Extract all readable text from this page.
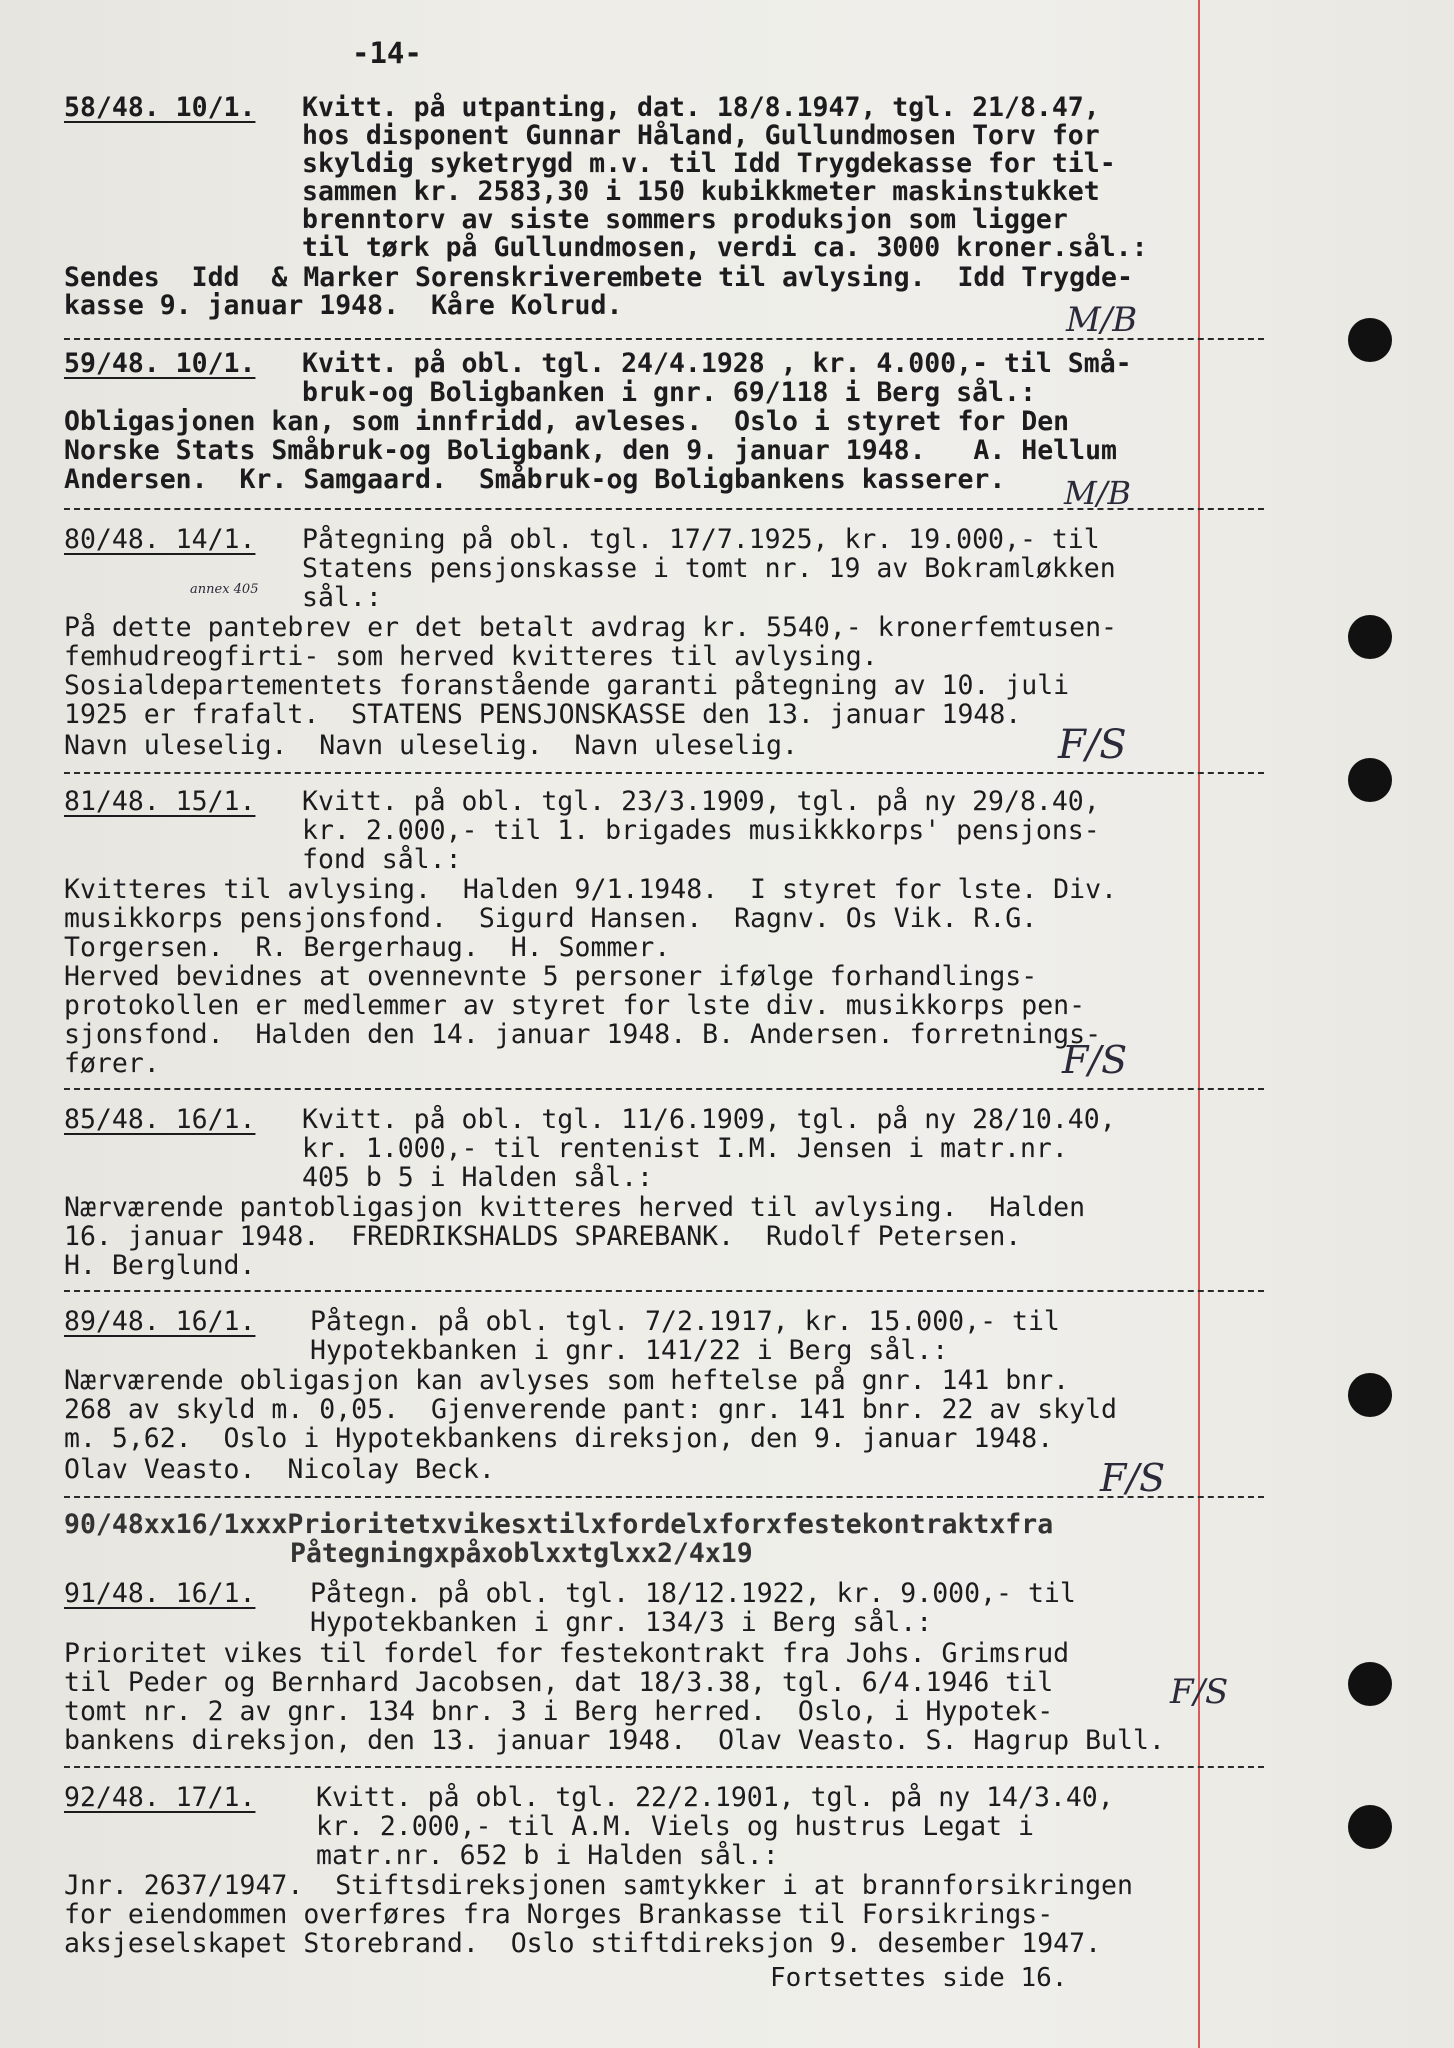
-14-
58/48. 10/1. Kvitt. på utpanting, dat. 18/8.1947, tgl. 21/8.47,
hos disponent Gunnar Håland, Gullundmosen Torv for
skyldig syketrygd m.v. til Idd Trygdekasse for til-
sammen kr. 2583,30 i 150 kubikkmeter maskinstukket
brenntorv av siste sommers produksjon som ligger
til tørk på Gullundmosen, verdi ca. 3000 kroner.sål.:
Sendes  Idd  & Marker Sorenskriverembete til avlysing.  Idd Trygde-
kasse 9. januar 1948.  Kåre Kolrud.	M/B
59/48. 10/1. Kvitt. på obl. tgl. 24/4.1928 , kr. 4.000,- til Små-
bruk-og Boligbanken i gnr. 69/118 i Berg sål.:
Obligasjonen kan, som innfridd, avleses.  Oslo i styret for Den
Norske Stats Småbruk-og Boligbank, den 9. januar 1948.   A. Hellum
Andersen.  Kr. Samgaard.  Småbruk-og Boligbankens kasserer. M/B
80/48. 14/1. Påtegning på obl. tgl. 17/7.1925, kr. 19.000,- til
Statens pensjonskasse i tomt nr. 19 av Bokramløkken
sål.:
annex 405
På dette pantebrev er det betalt avdrag kr. 5540,- kronerfemtusen-
femhudreogfirti- som herved kvitteres til avlysing.
Sosialdepartementets foranstående garanti påtegning av 10. juli
1925 er frafalt.  STATENS PENSJONSKASSE den 13. januar 1948.
Navn uleselig.  Navn uleselig.  Navn uleselig.	F/S
81/48. 15/1. Kvitt. på obl. tgl. 23/3.1909, tgl. på ny 29/8.40,
kr. 2.000,- til 1. brigades musikkkorps' pensjons-
fond sål.:
Kvitteres til avlysing.  Halden 9/1.1948.  I styret for lste. Div.
musikkorps pensjonsfond.  Sigurd Hansen.  Ragnv. Os Vik. R.G.
Torgersen.  R. Bergerhaug.  H. Sommer.
Herved bevidnes at ovennevnte 5 personer ifølge forhandlings-
protokollen er medlemmer av styret for lste div. musikkorps pen-
sjonsfond.  Halden den 14. januar 1948. B. Andersen. forretnings-
fører.	F/S
85/48. 16/1. Kvitt. på obl. tgl. 11/6.1909, tgl. på ny 28/10.40,
kr. 1.000,- til rentenist I.M. Jensen i matr.nr.
405 b 5 i Halden sål.:
Nærværende pantobligasjon kvitteres herved til avlysing.  Halden
16. januar 1948.  FREDRIKSHALDS SPAREBANK.  Rudolf Petersen.
H. Berglund.
89/48. 16/1. Påtegn. på obl. tgl. 7/2.1917, kr. 15.000,- til
Hypotekbanken i gnr. 141/22 i Berg sål.:
Nærværende obligasjon kan avlyses som heftelse på gnr. 141 bnr.
268 av skyld m. 0,05.  Gjenverende pant: gnr. 141 bnr. 22 av skyld
m. 5,62.  Oslo i Hypotekbankens direksjon, den 9. januar 1948.
Olav Veasto.  Nicolay Beck.	F/S
90/48xx16/1xxxPrioritetxvikesxtilxfordelxforxfestekontraktxfra
Påtegningxpåxoblxxtglxx2/4x19
91/48. 16/1. Påtegn. på obl. tgl. 18/12.1922, kr. 9.000,- til
Hypotekbanken i gnr. 134/3 i Berg sål.:
Prioritet vikes til fordel for festekontrakt fra Johs. Grimsrud
til Peder og Bernhard Jacobsen, dat 18/3.38, tgl. 6/4.1946 til
tomt nr. 2 av gnr. 134 bnr. 3 i Berg herred.  Oslo, i Hypotek-
bankens direksjon, den 13. januar 1948.  Olav Veasto. S. Hagrup Bull.
F/S
92/48. 17/1. Kvitt. på obl. tgl. 22/2.1901, tgl. på ny 14/3.40,
kr. 2.000,- til A.M. Viels og hustrus Legat i
matr.nr. 652 b i Halden sål.:
Jnr. 2637/1947.  Stiftsdireksjonen samtykker i at brannforsikringen
for eiendommen overføres fra Norges Brankasse til Forsikrings-
aksjeselskapet Storebrand.  Oslo stiftdireksjon 9. desember 1947.
Fortsettes side 16.
